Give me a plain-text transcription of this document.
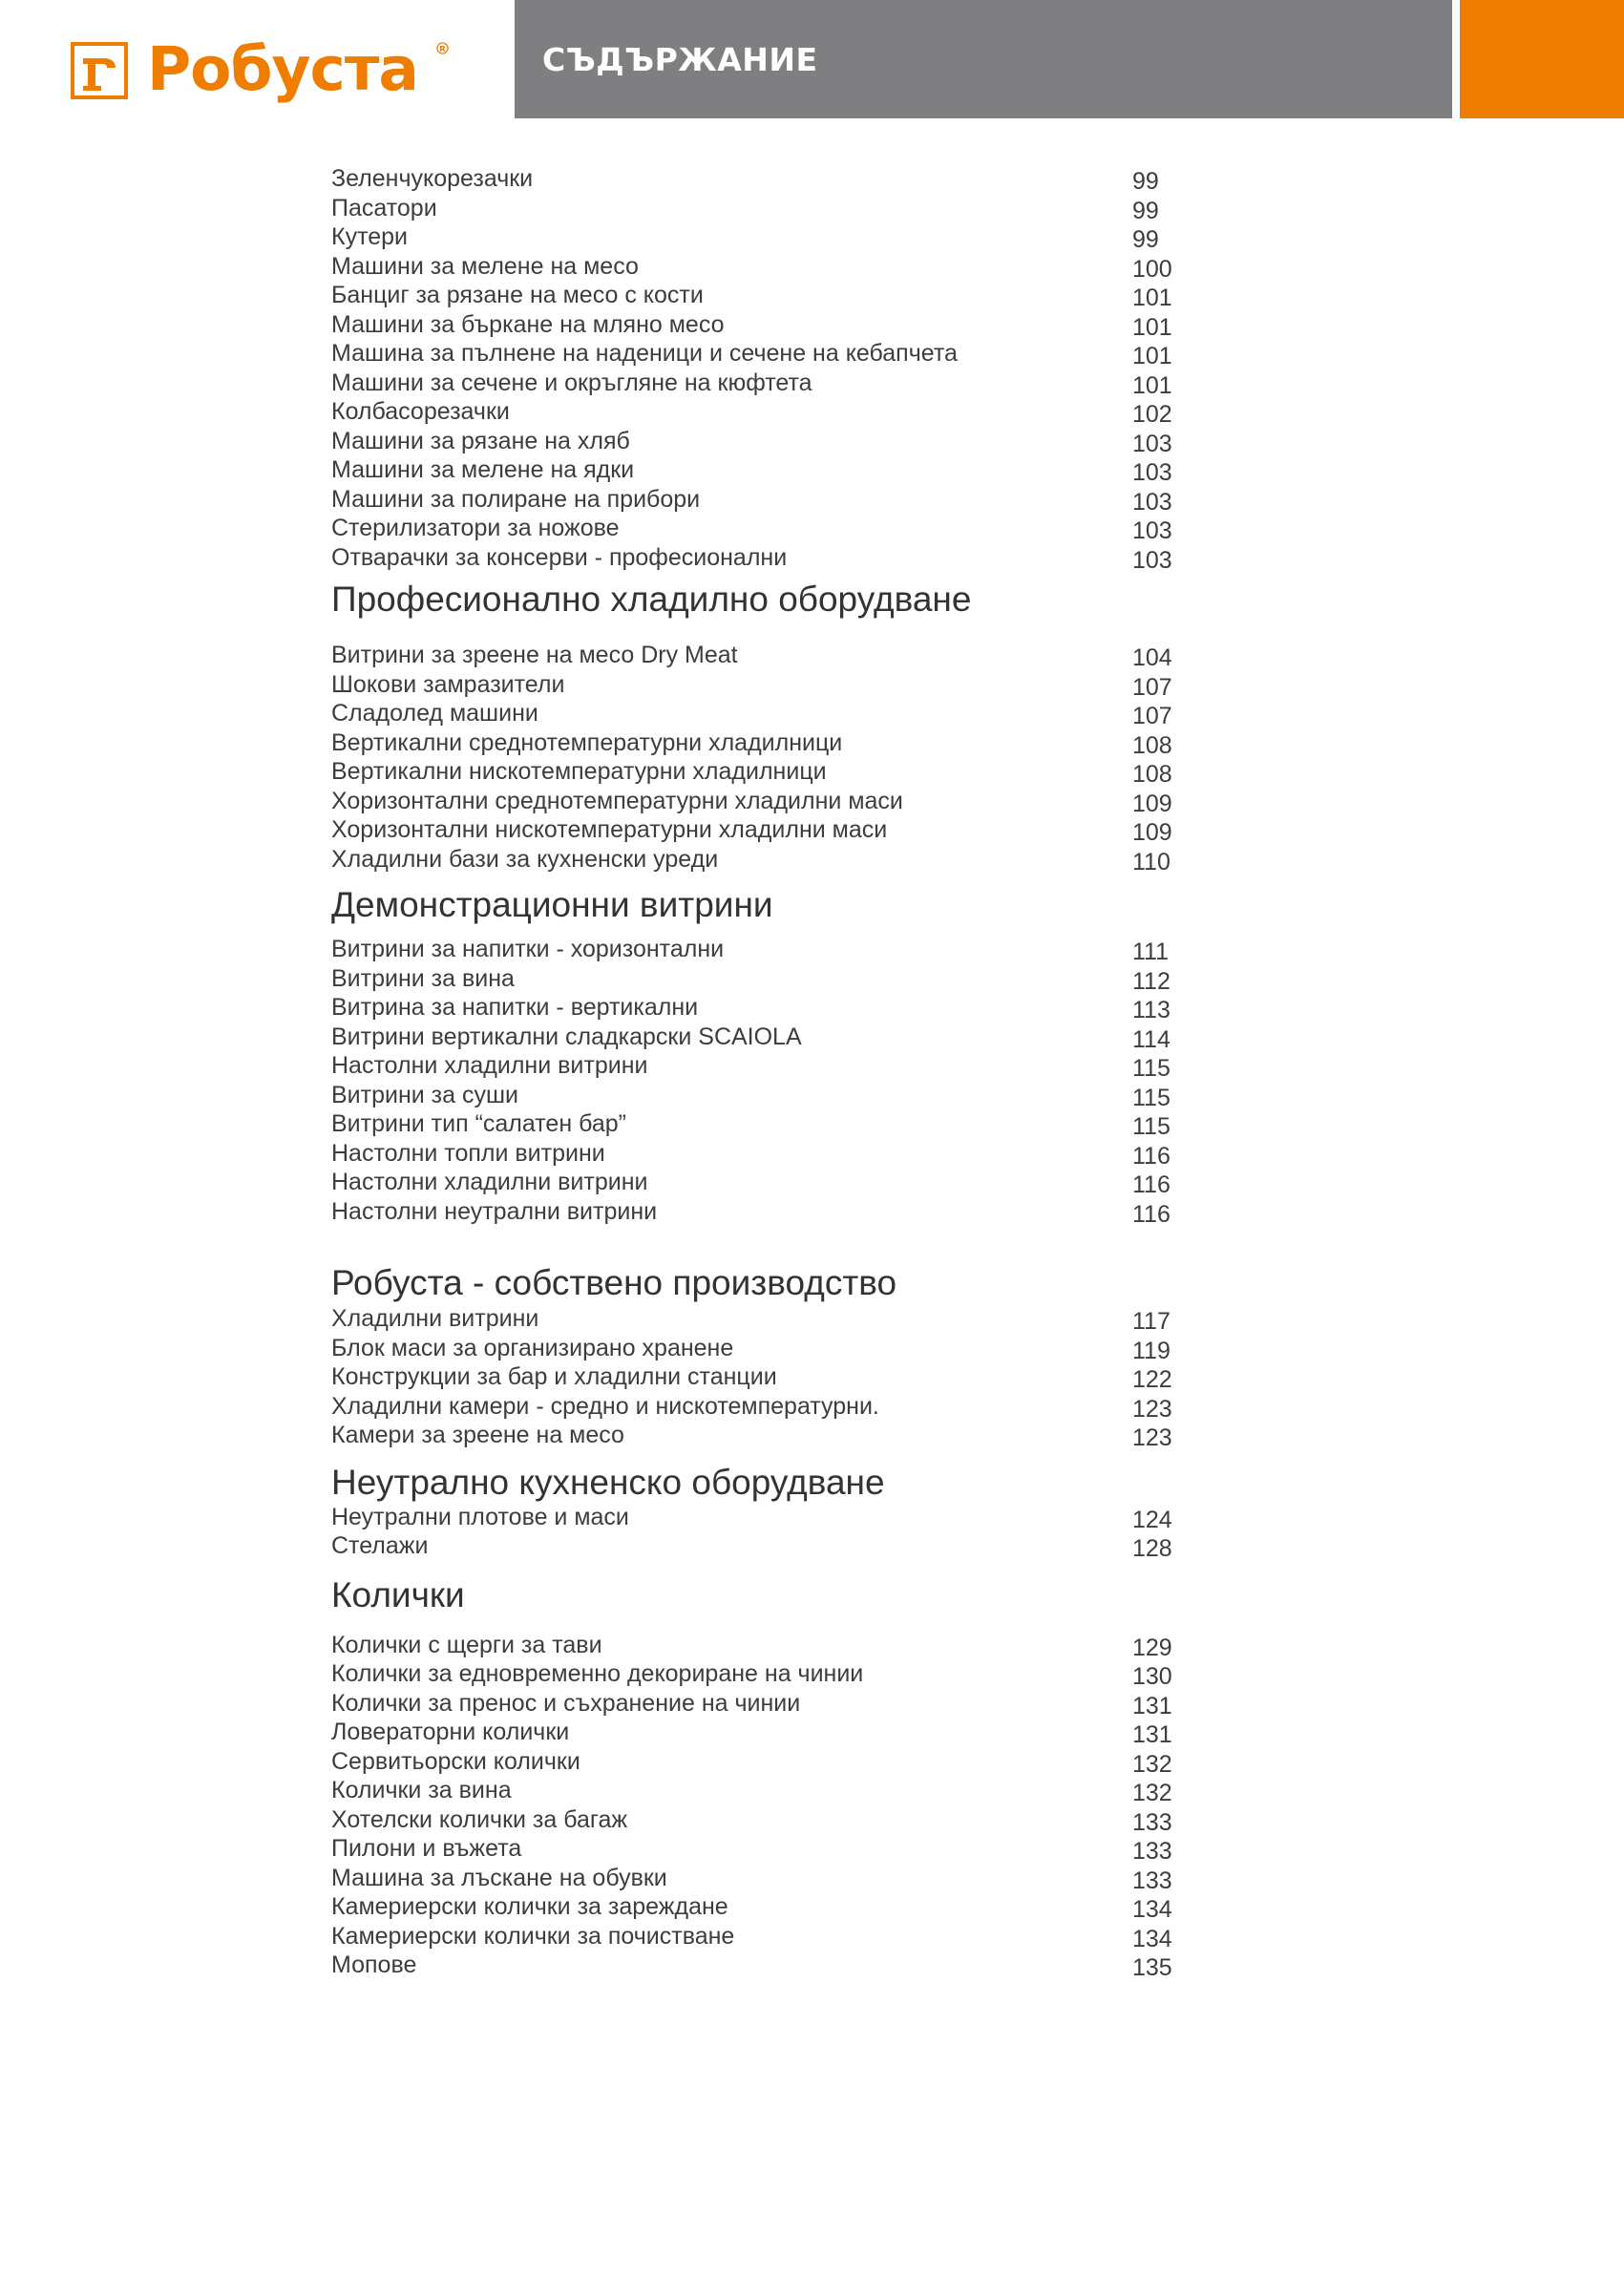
Робуста R	СЪДЪРЖАНИЕ
Зеленчукорезачки	99
Пасатори	99
Кутери	99
Машини за мелене на месо	100
Банциг за рязане на месо с кости	101
Машини за бъркане на мляно месо	101
Машина за пълнене на наденици и сечене на кебапчета	101
Машини за сечене и окръгляне на кюфтета	101
Колбасорезачки	102
Машини за рязане на хляб	103
Машини за мелене на ядки	103
Машини за полиране на прибори	103
Стерилизатори за ножове	103
Отварачки за консерви - професионални	103
Професионално хладилно оборудване
Витрини за зреене на месо Dry Meat	104
Шокови замразители	107
Сладолед машини	107
Вертикални среднотемпературни хладилници	108
Вертикални нискотемпературни хладилници	108
Хоризонтални среднотемпературни хладилни маси	109
Хоризонтални нискотемпературни хладилни маси	109
Хладилни бази за кухненски уреди	110
Демонстрационни витрини
Витрини за напитки - хоризонтални	111
Витрини за вина	112
Витрина за напитки - вертикални	113
Витрини вертикални сладкарски SCAIOLA	114
Настолни хладилни витрини	115
Витрини за суши	115
Витрини тип “салатен бар”	115
Настолни топли витрини	116
Настолни хладилни витрини	116
Настолни неутрални витрини	116
Робуста - собствено производство
Хладилни витрини	117
Блок маси за организирано хранене	119
Конструкции за бар и хладилни станции	122
Хладилни камери - средно и нискотемпературни.	123
Камери за зреене на месо	123
Неутрално кухненско оборудване
Неутрални плотове и маси	124
Стелажи	128
Колички
Колички с щерги за тави	129
Колички за едновременно декориране на чинии	130
Колички за пренос и съхранение на чинии	131
Ловераторни колички	131
Сервитьорски колички	132
Колички за вина	132
Хотелски колички за багаж	133
Пилони и въжета	133
Машина за лъскане на обувки	133
Камериерски колички за зареждане	134
Камериерски колички за почистване	134
Мопове	135
